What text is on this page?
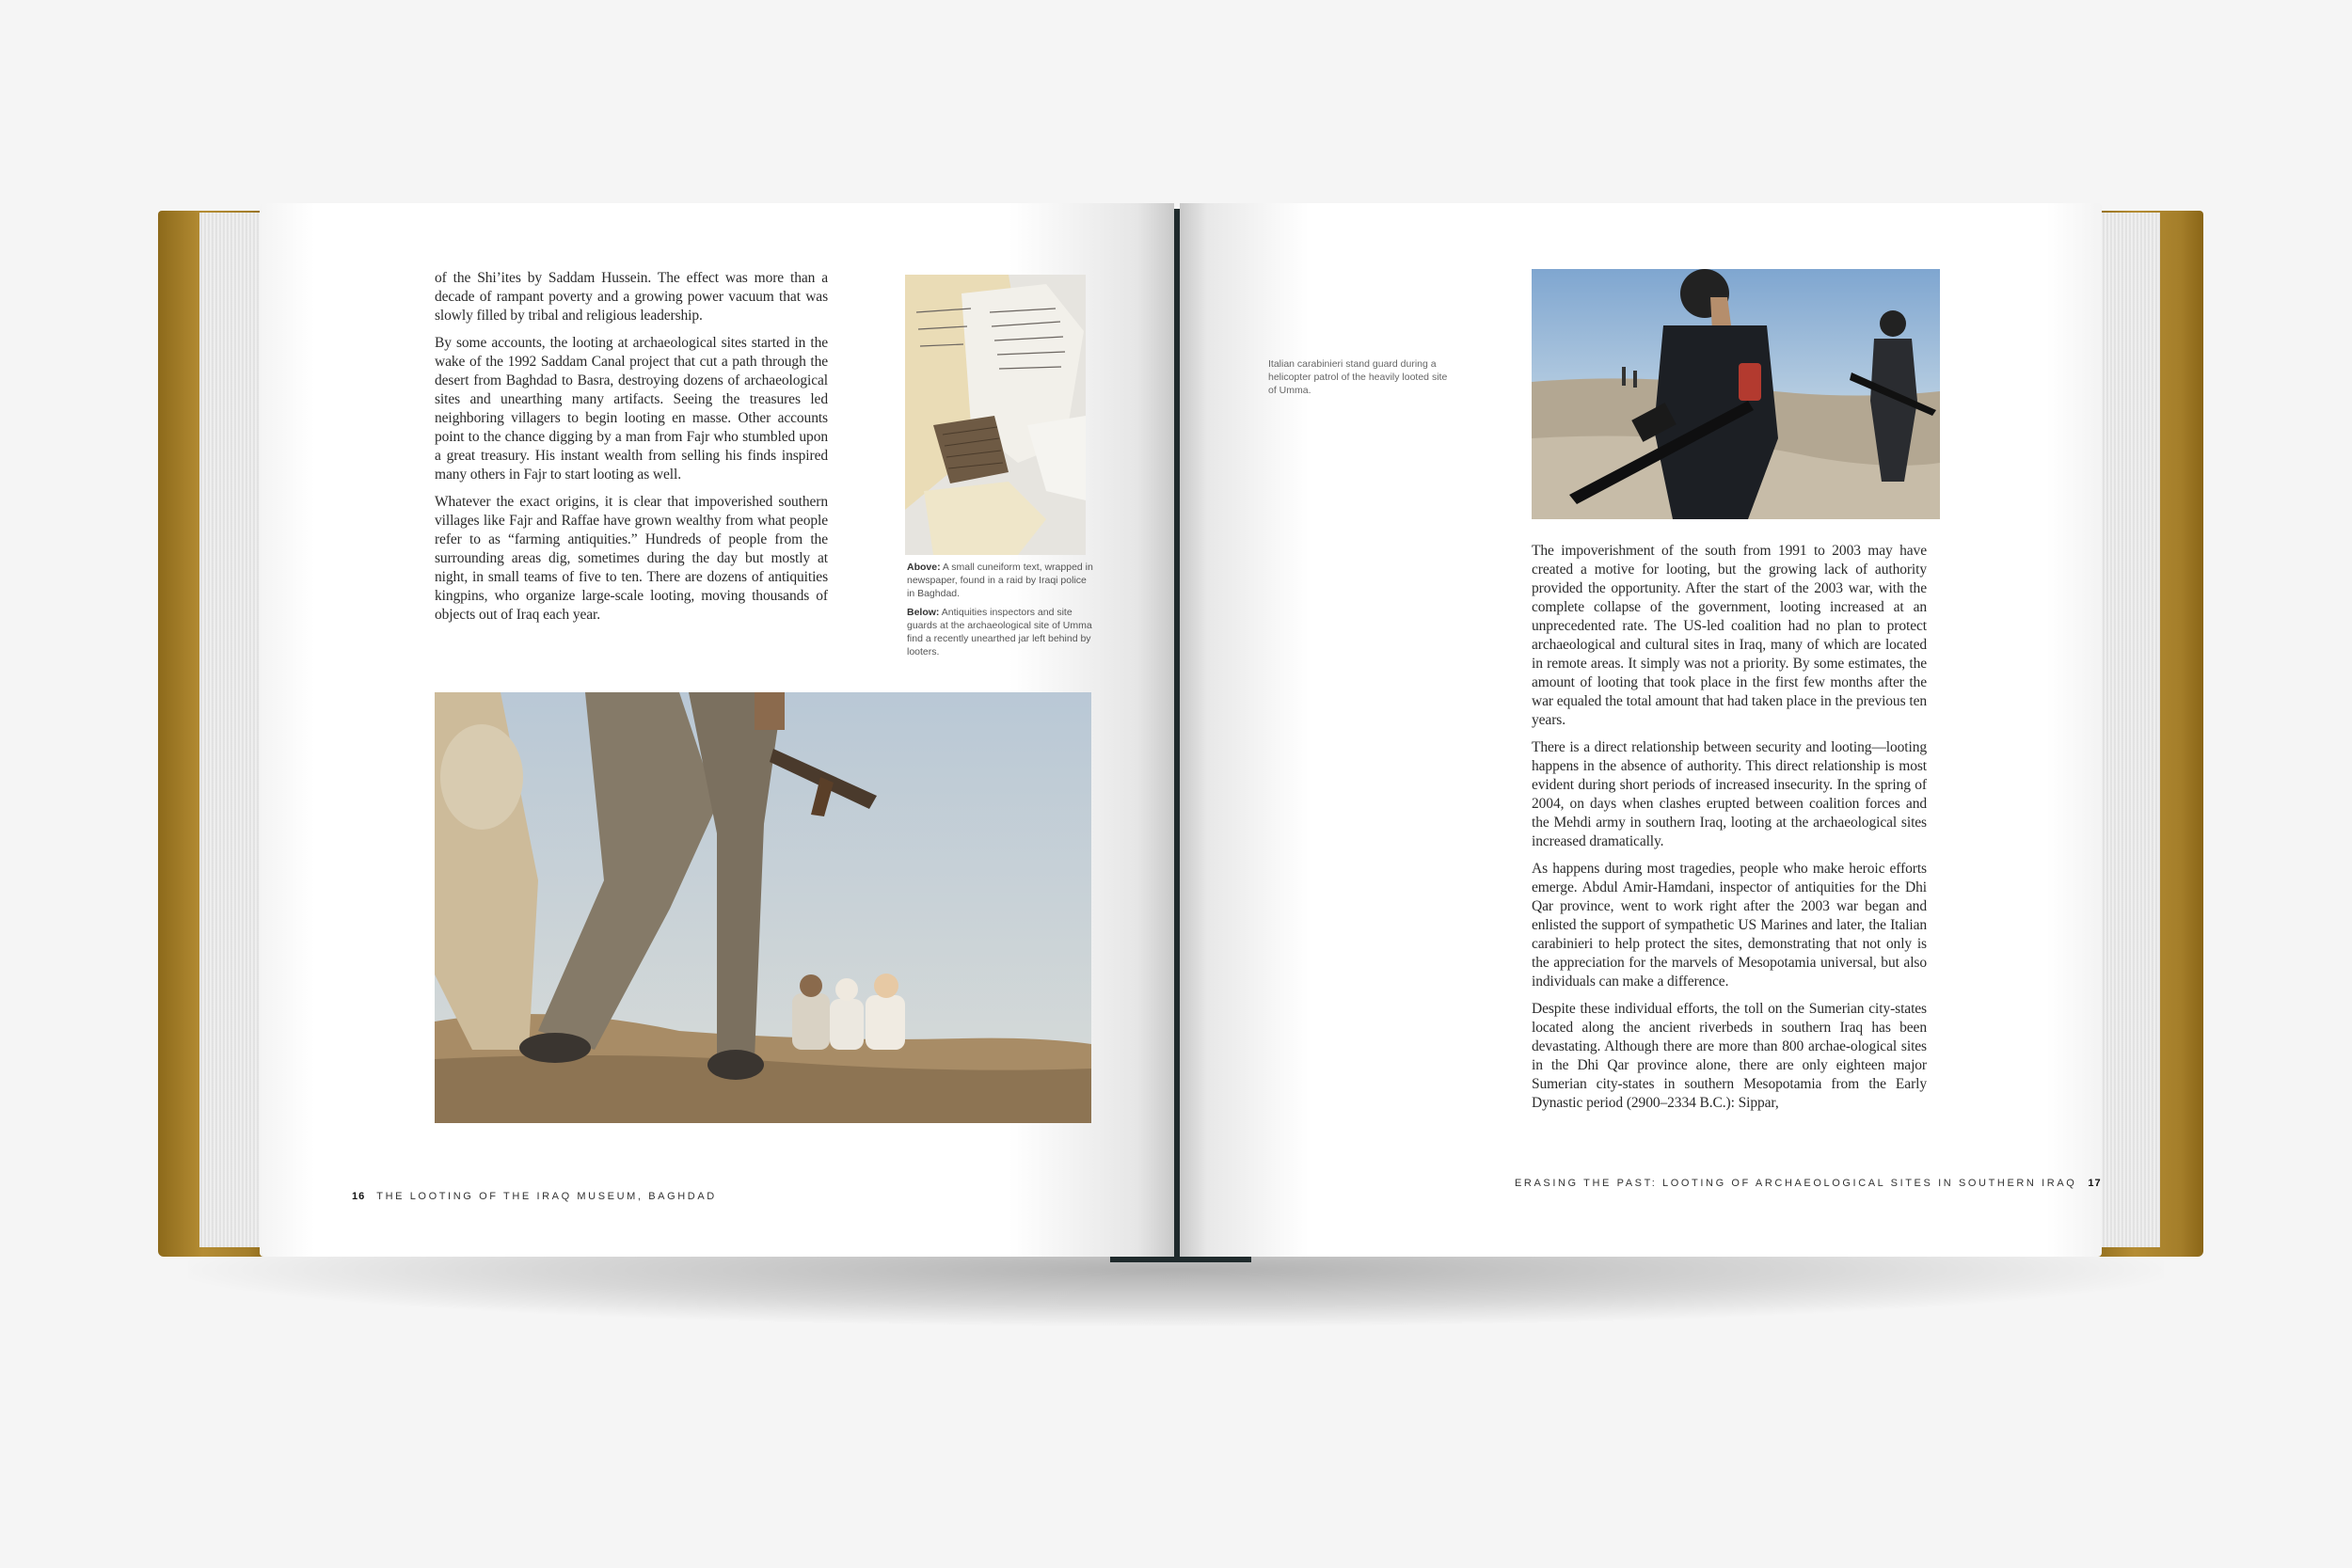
of the Shi’ites by Saddam Hussein. The effect was more than a decade of rampant poverty and a growing power vacuum that was slowly filled by tribal and religious leadership.

By some accounts, the looting at archaeological sites started in the wake of the 1992 Saddam Canal project that cut a path through the desert from Baghdad to Basra, destroying dozens of archaeological sites and unearthing many artifacts. Seeing the treasures led neighboring villagers to begin looting en masse. Other accounts point to the chance digging by a man from Fajr who stumbled upon a great treasury. His instant wealth from selling his finds inspired many others in Fajr to start looting as well.

Whatever the exact origins, it is clear that impoverished southern villages like Fajr and Raffae have grown wealthy from what people refer to as “farming antiquities.” Hundreds of people from the surrounding areas dig, sometimes during the day but mostly at night, in small teams of five to ten. There are dozens of antiquities kingpins, who organize large-scale looting, moving thousands of objects out of Iraq each year.

Above: A small cuneiform text, wrapped in newspaper, found in a raid by Iraqi police in Baghdad.

Below: Antiquities inspectors and site guards at the archaeological site of Umma find a recently unearthed jar left behind by looters.

16 THE LOOTING OF THE IRAQ MUSEUM, BAGHDAD
Italian carabinieri stand guard during a helicopter patrol of the heavily looted site of Umma.

The impoverishment of the south from 1991 to 2003 may have created a motive for looting, but the growing lack of authority provided the opportunity. After the start of the 2003 war, with the complete collapse of the government, looting increased at an unprecedented rate. The US-led coalition had no plan to protect archaeological and cultural sites in Iraq, many of which are located in remote areas. It simply was not a priority. By some estimates, the amount of looting that took place in the first few months after the war equaled the total amount that had taken place in the previous ten years.

There is a direct relationship between security and looting—looting happens in the absence of authority. This direct relationship is most evident during short periods of increased insecurity. In the spring of 2004, on days when clashes erupted between coalition forces and the Mehdi army in southern Iraq, looting at the archaeological sites increased dramatically.

As happens during most tragedies, people who make heroic efforts emerge. Abdul Amir-Hamdani, inspector of antiquities for the Dhi Qar province, went to work right after the 2003 war began and enlisted the support of sympathetic US Marines and later, the Italian carabinieri to help protect the sites, demonstrating that not only is the appreciation for the marvels of Mesopotamia universal, but also individuals can make a difference.

Despite these individual efforts, the toll on the Sumerian city-states located along the ancient riverbeds in southern Iraq has been devastating. Although there are more than 800 archae-ological sites in the Dhi Qar province alone, there are only eighteen major Sumerian city-states in southern Mesopotamia from the Early Dynastic period (2900–2334 B.C.): Sippar,

ERASING THE PAST: LOOTING OF ARCHAEOLOGICAL SITES IN SOUTHERN IRAQ 17
